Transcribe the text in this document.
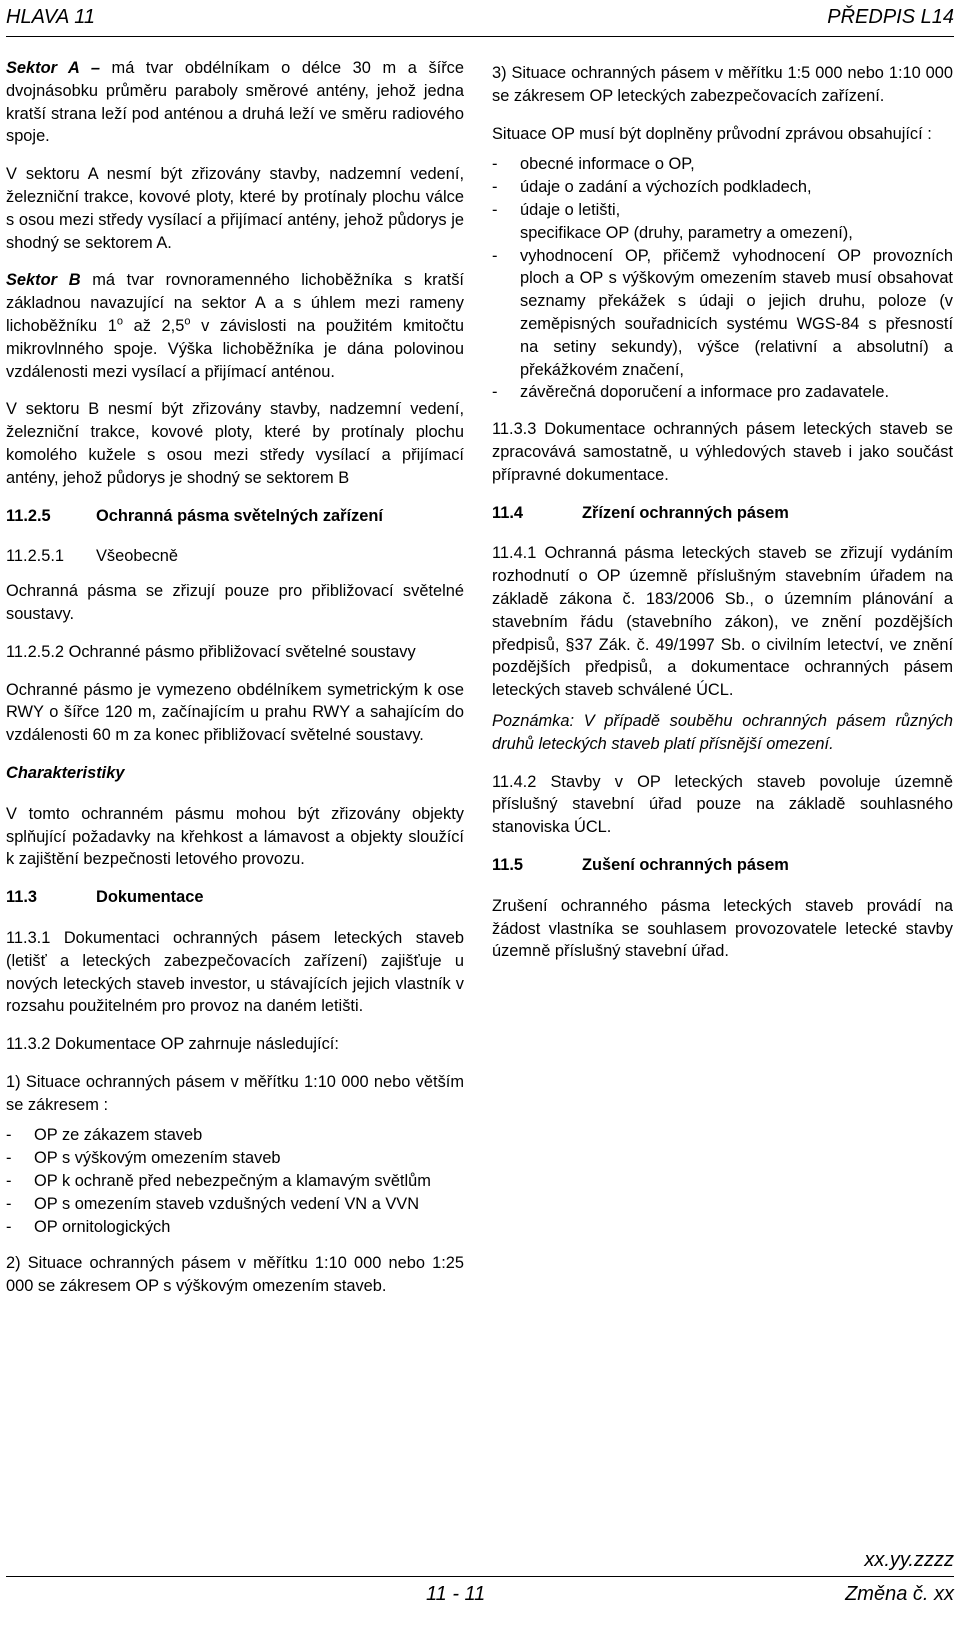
HLAVA 11	PŘEDPIS L14

Sektor A – má tvar obdélníkam o délce 30 m a šířce dvojnásobku průměru paraboly směrové antény, jehož jedna kratší strana leží pod anténou a druhá leží ve směru radiového spoje.

V sektoru A nesmí být zřizovány stavby, nadzemní vedení, železniční trakce, kovové ploty, které by protínaly plochu válce s osou mezi středy vysílací a přijímací antény, jehož půdorys je shodný se sektorem A.

Sektor B má tvar rovnoramenného lichoběžníka s kratší základnou navazující na sektor A a s úhlem mezi rameny lichoběžníku 1$^o$ až 2,5$^o$ v závislosti na použitém kmitočtu mikrovlnného spoje. Výška lichoběžníka je dána polovinou vzdálenosti mezi vysílací a přijímací anténou.

V sektoru B nesmí být zřizovány stavby, nadzemní vedení, železniční trakce, kovové ploty, které by protínaly plochu komolého kužele s osou mezi středy vysílací a přijímací antény, jehož půdorys je shodný se sektorem B

11.2.5	Ochranná pásma světelných zařízení
11.2.5.1	Všeobecně

Ochranná pásma se zřizují pouze pro přibližovací světelné soustavy.

11.2.5.2 Ochranné pásmo přibližovací světelné soustavy

Ochranné pásmo je vymezeno obdélníkem symetrickým k ose RWY o šířce 120 m, začínajícím u prahu RWY a sahajícím do vzdálenosti 60 m za konec přibližovací světelné soustavy.

Charakteristiky

V tomto ochranném pásmu mohou být zřizovány objekty splňující požadavky na křehkost a lámavost a objekty sloužící k zajištění bezpečnosti letového provozu.

11.3	Dokumentace

11.3.1 Dokumentaci ochranných pásem leteckých staveb (letišť a leteckých zabezpečovacích zařízení) zajišťuje u nových leteckých staveb investor, u stávajících jejich vlastník v rozsahu použitelném pro provoz na daném letišti.

11.3.2 Dokumentace OP zahrnuje následující:

1) Situace ochranných pásem v měřítku 1:10 000 nebo větším se zákresem :

-	OP ze zákazem staveb
-	OP s výškovým omezením staveb
-	OP k ochraně před nebezpečným a klamavým světlům
-	OP s omezením staveb vzdušných vedení VN a VVN
-	OP ornitologických

2) Situace ochranných pásem v měřítku 1:10 000 nebo 1:25 000 se zákresem OP s výškovým omezením staveb.

3) Situace ochranných pásem v měřítku 1:5 000 nebo 1:10 000 se zákresem OP leteckých zabezpečovacích zařízení.

Situace OP musí být doplněny průvodní zprávou obsahující :

-	obecné informace o OP,
-	údaje o zadání a výchozích podkladech,
-	údaje o letišti,
specifikace OP (druhy, parametry a omezení),
-	vyhodnocení OP, přičemž vyhodnocení OP provozních ploch a OP s výškovým omezením staveb musí obsahovat seznamy překážek s údaji o jejich druhu, poloze (v zeměpisných souřadnicích systému WGS-84 s přesností na setiny sekundy), výšce (relativní a absolutní) a překážkovém značení,
-	závěrečná doporučení a informace pro zadavatele.

11.3.3 Dokumentace ochranných pásem leteckých staveb se zpracovává samostatně, u výhledových staveb i jako součást přípravné dokumentace.

11.4	Zřízení ochranných pásem

11.4.1 Ochranná pásma leteckých staveb se zřizují vydáním rozhodnutí o OP územně příslušným stavebním úřadem na základě zákona č. 183/2006 Sb., o územním plánování a stavebním řádu (stavebního zákon), ve znění pozdějších předpisů, §37 Zák. č. 49/1997 Sb. o civilním letectví, ve znění pozdějších předpisů, a dokumentace ochranných pásem leteckých staveb schválené ÚCL.

Poznámka: V případě souběhu ochranných pásem různých druhů leteckých staveb platí přísnější omezení.

11.4.2 Stavby v OP leteckých staveb povoluje územně příslušný stavební úřad pouze na základě souhlasného stanoviska ÚCL.

11.5	Zušení ochranných pásem

Zrušení ochranného pásma leteckých staveb provádí na žádost vlastníka se souhlasem provozovatele letecké stavby územně příslušný stavební úřad.

xx.yy.zzzz
11 - 11	Změna č. xx
